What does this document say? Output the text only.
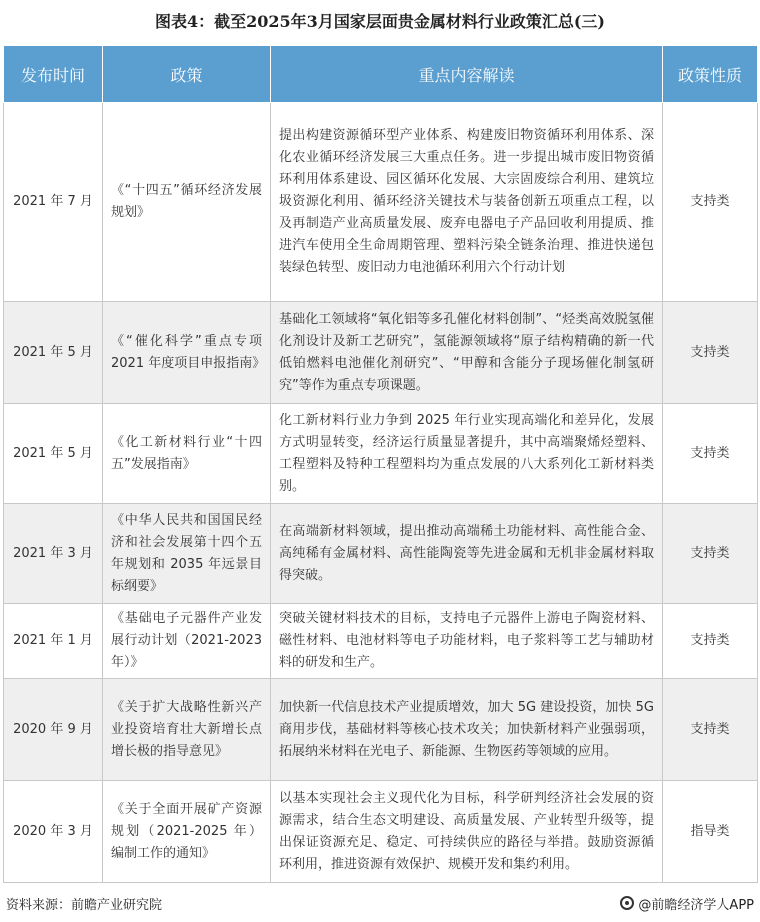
图表4：截至2025年3月国家层面贵金属材料行业政策汇总(三)
发布时间	政策	重点内容解读	政策性质
2021 年 7 月	《“十四五”循环经济发展规划》	提出构建资源循环型产业体系、构建废旧物资循环利用体系、深化农业循环经济发展三大重点任务。进一步提出城市废旧物资循环利用体系建设、园区循环化发展、大宗固废综合利用、建筑垃圾资源化利用、循环经济关键技术与装备创新五项重点工程，以及再制造产业高质量发展、废弃电器电子产品回收利用提质、推进汽车使用全生命周期管理、塑料污染全链条治理、推进快递包装绿色转型、废旧动力电池循环利用六个行动计划	支持类
2021 年 5 月	《“催化科学”重点专项 2021 年度项目申报指南》	基础化工领域将“氧化铝等多孔催化材料创制”、“烃类高效脱氢催化剂设计及新工艺研究”，氢能源领域将“原子结构精确的新一代低铂燃料电池催化剂研究”、“甲醇和含能分子现场催化制氢研究”等作为重点专项课题。	支持类
2021 年 5 月	《化工新材料行业“十四五”发展指南》	化工新材料行业力争到 2025 年行业实现高端化和差异化，发展方式明显转变，经济运行质量显著提升，其中高端聚烯烃塑料、工程塑料及特种工程塑料均为重点发展的八大系列化工新材料类别。	支持类
2021 年 3 月	《中华人民共和国国民经济和社会发展第十四个五年规划和 2035 年远景目标纲要》	在高端新材料领域，提出推动高端稀土功能材料、高性能合金、高纯稀有金属材料、高性能陶瓷等先进金属和无机非金属材料取得突破。	支持类
2021 年 1 月	《基础电子元器件产业发展行动计划（2021-2023 年）》	突破关键材料技术的目标，支持电子元器件上游电子陶瓷材料、磁性材料、电池材料等电子功能材料，电子浆料等工艺与辅助材料的研发和生产。	支持类
2020 年 9 月	《关于扩大战略性新兴产业投资培育壮大新增长点增长极的指导意见》	加快新一代信息技术产业提质增效，加大 5G 建设投资，加快 5G 商用步伐，基础材料等核心技术攻关；加快新材料产业强弱项，拓展纳米材料在光电子、新能源、生物医药等领域的应用。	支持类
2020 年 3 月	《关于全面开展矿产资源规划（2021-2025 年）编制工作的通知》	以基本实现社会主义现代化为目标，科学研判经济社会发展的资源需求，结合生态文明建设、高质量发展、产业转型升级等，提出保证资源充足、稳定、可持续供应的路径与举措。鼓励资源循环利用，推进资源有效保护、规模开发和集约利用。	指导类
资料来源：前瞻产业研究院	@前瞻经济学人APP
